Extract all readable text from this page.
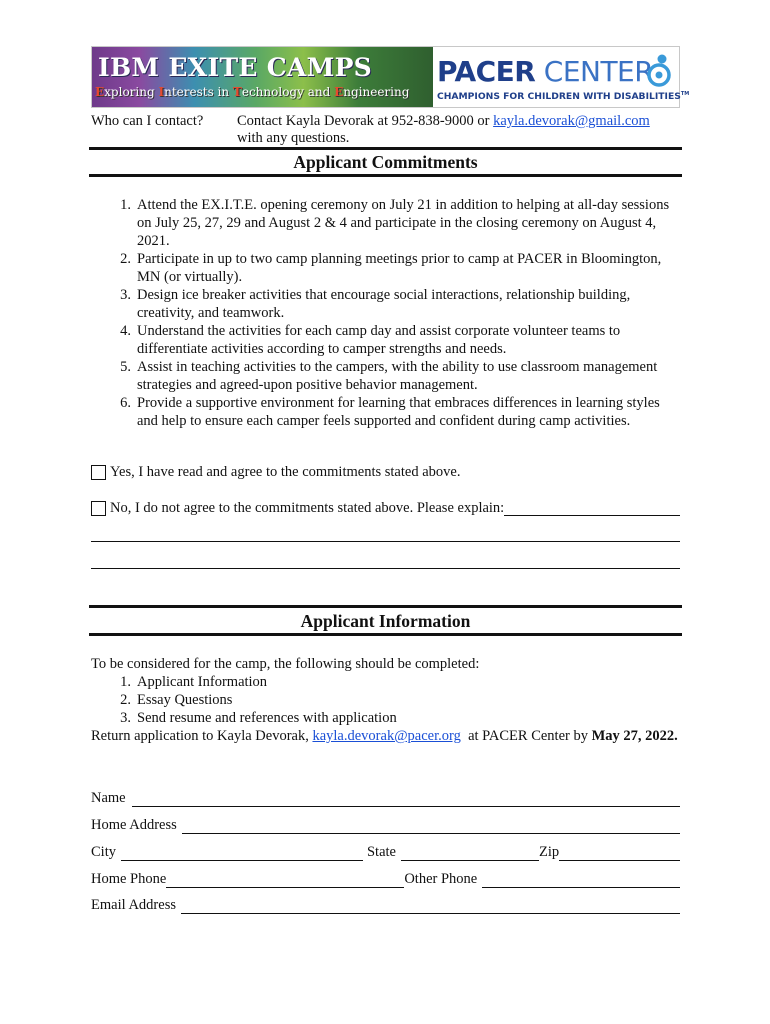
IBM EXITE CAMPS
Exploring Interests in Technology and Engineering
PACER CENTER
CHAMPIONS FOR CHILDREN WITH DISABILITIES™
Who can I contact? Contact Kayla Devorak at 952-838-9000 or kayla.devorak@gmail.com
with any questions.
Applicant Commitments
1. Attend the EX.I.T.E. opening ceremony on July 21 in addition to helping at all-day sessions on July 25, 27, 29 and August 2 & 4 and participate in the closing ceremony on August 4, 2021.
2. Participate in up to two camp planning meetings prior to camp at PACER in Bloomington, MN (or virtually).
3. Design ice breaker activities that encourage social interactions, relationship building, creativity, and teamwork.
4. Understand the activities for each camp day and assist corporate volunteer teams to differentiate activities according to camper strengths and needs.
5. Assist in teaching activities to the campers, with the ability to use classroom management strategies and agreed-upon positive behavior management.
6. Provide a supportive environment for learning that embraces differences in learning styles and help to ensure each camper feels supported and confident during camp activities.
Yes, I have read and agree to the commitments stated above.
No, I do not agree to the commitments stated above. Please explain:
Applicant Information
To be considered for the camp, the following should be completed:
1. Applicant Information
2. Essay Questions
3. Send resume and references with application
Return application to Kayla Devorak, kayla.devorak@pacer.org  at PACER Center by May 27, 2022.
Name
Home Address
City	State	Zip
Home Phone	Other Phone
Email Address
